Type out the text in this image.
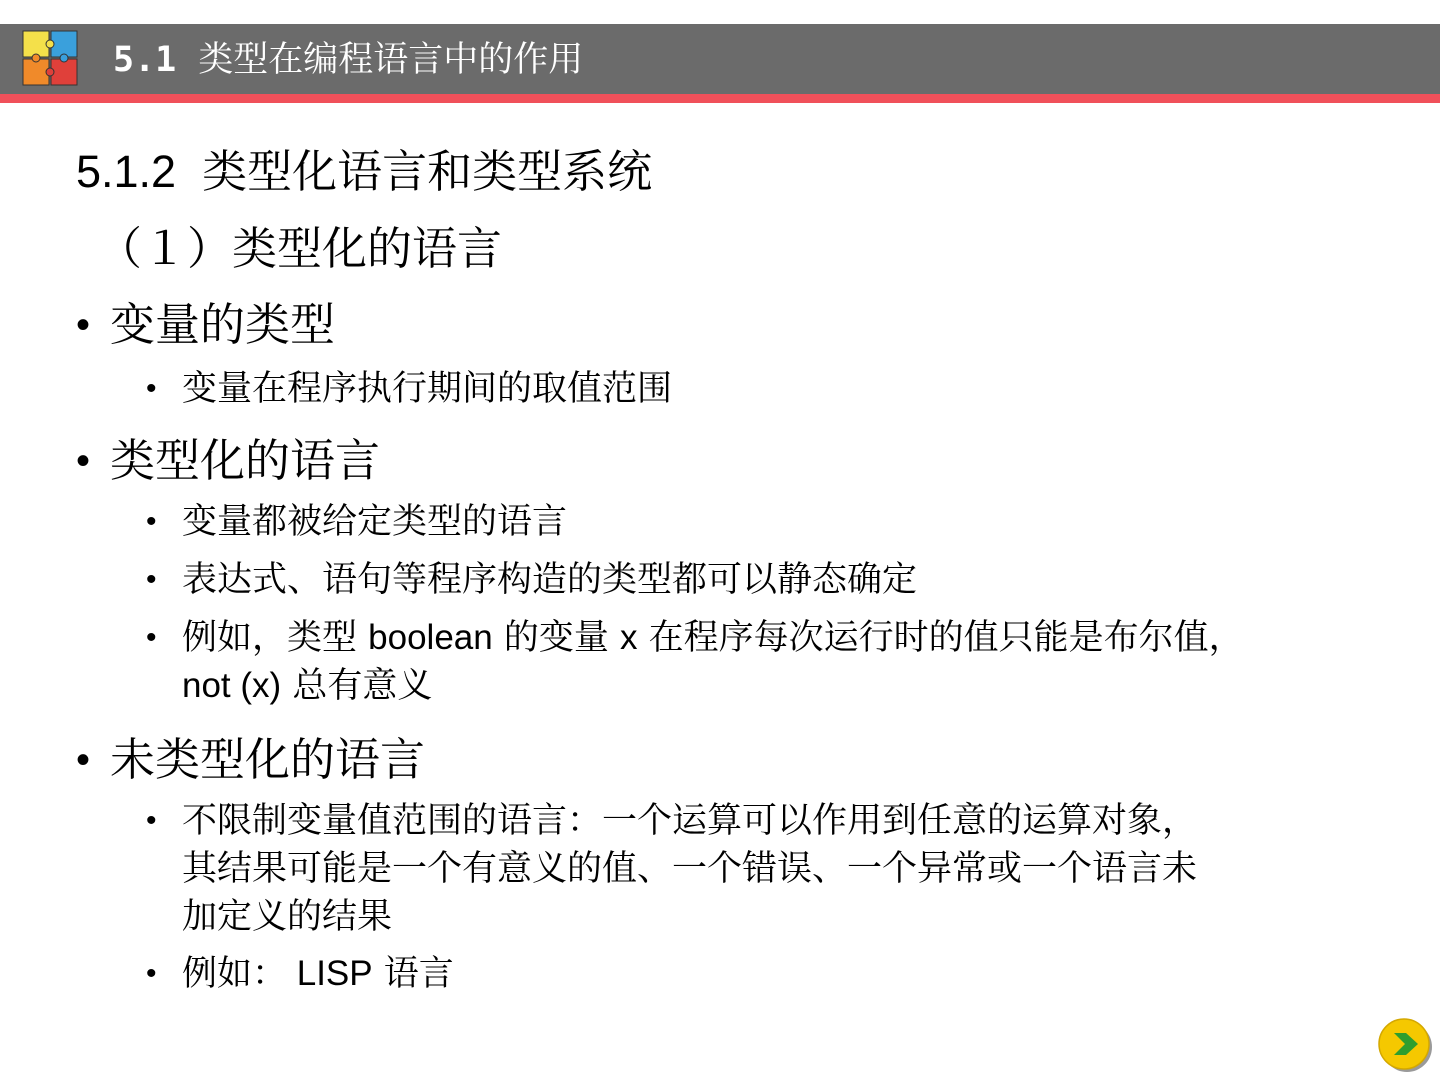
5.1 类型在编程语言中的作用
5.1.2 类型化语言和类型系统
（１）类型化的语言
• 变量的类型
• 变量在程序执行期间的取值范围
• 类型化的语言
• 变量都被给定类型的语言
• 表达式、语句等程序构造的类型都可以静态确定
• 例如，类型 boolean 的变量 x 在程序每次运行时的值只能是布尔值，
not (x) 总有意义
• 未类型化的语言
• 不限制变量值范围的语言：一个运算可以作用到任意的运算对象，
其结果可能是一个有意义的值、一个错误、一个异常或一个语言未
加定义的结果
• 例如： LISP 语言
